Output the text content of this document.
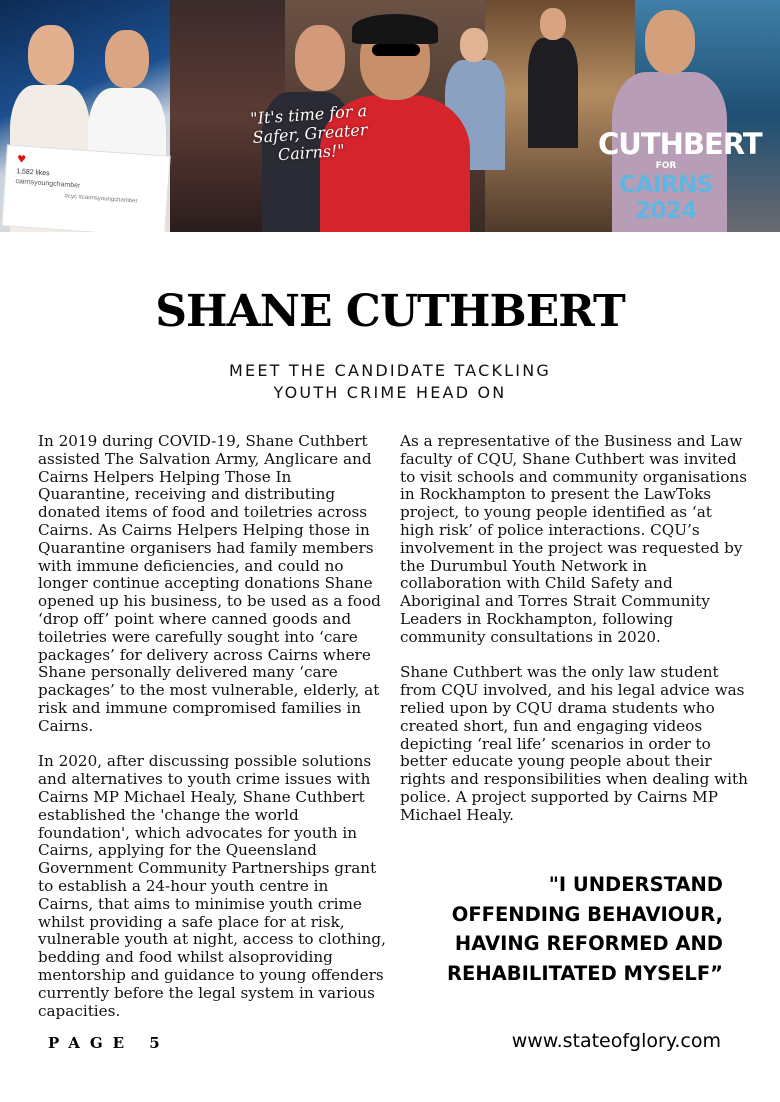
♥
1,582 likes
cairnsyoungchamber
#cyc #cairnsyoungchamber
"It's time for a Safer, Greater Cairns!"	CUTHBERT
FOR
CAIRNS 2024
SHANE CUTHBERT
MEET THE CANDIDATE TACKLING
YOUTH CRIME HEAD ON

In 2019 during COVID-19, Shane Cuthbert assisted The Salvation Army, Anglicare and Cairns Helpers Helping Those In Quarantine, receiving and distributing donated items of food and toiletries across Cairns. As Cairns Helpers Helping those in Quarantine organisers had family members with immune deficiencies, and could no longer continue accepting donations Shane opened up his business, to be used as a food ‘drop off’ point where canned goods and toiletries were carefully sought into ‘care packages’ for delivery across Cairns where Shane personally delivered many ‘care packages’ to the most vulnerable, elderly, at risk and immune compromised families in Cairns.

In 2020, after discussing possible solutions and alternatives to youth crime issues with Cairns MP Michael Healy, Shane Cuthbert established the 'change the world foundation', which advocates for youth in Cairns, applying for the Queensland Government Community Partnerships grant to establish a 24-hour youth centre in Cairns, that aims to minimise youth crime whilst providing a safe place for at risk, vulnerable youth at night, access to clothing, bedding and food whilst alsoproviding mentorship and guidance to young offenders currently before the legal system in various capacities.

As a representative of the Business and Law faculty of CQU, Shane Cuthbert was invited to visit schools and community organisations in Rockhampton to present the LawToks project, to young people identified as ‘at high risk’ of police interactions. CQU’s involvement in the project was requested by the Durumbul Youth Network in collaboration with Child Safety and Aboriginal and Torres Strait Community Leaders in Rockhampton, following community consultations in 2020.

Shane Cuthbert was the only law student from CQU involved, and his legal advice was relied upon by CQU drama students who created short, fun and engaging videos depicting ‘real life’ scenarios in order to better educate young people about their rights and responsibilities when dealing with police. A project supported by Cairns MP Michael Healy.

"I UNDERSTAND
OFFENDING BEHAVIOUR,
HAVING REFORMED AND
REHABILITATED MYSELF”
PAGE 5	www.stateofglory.com
